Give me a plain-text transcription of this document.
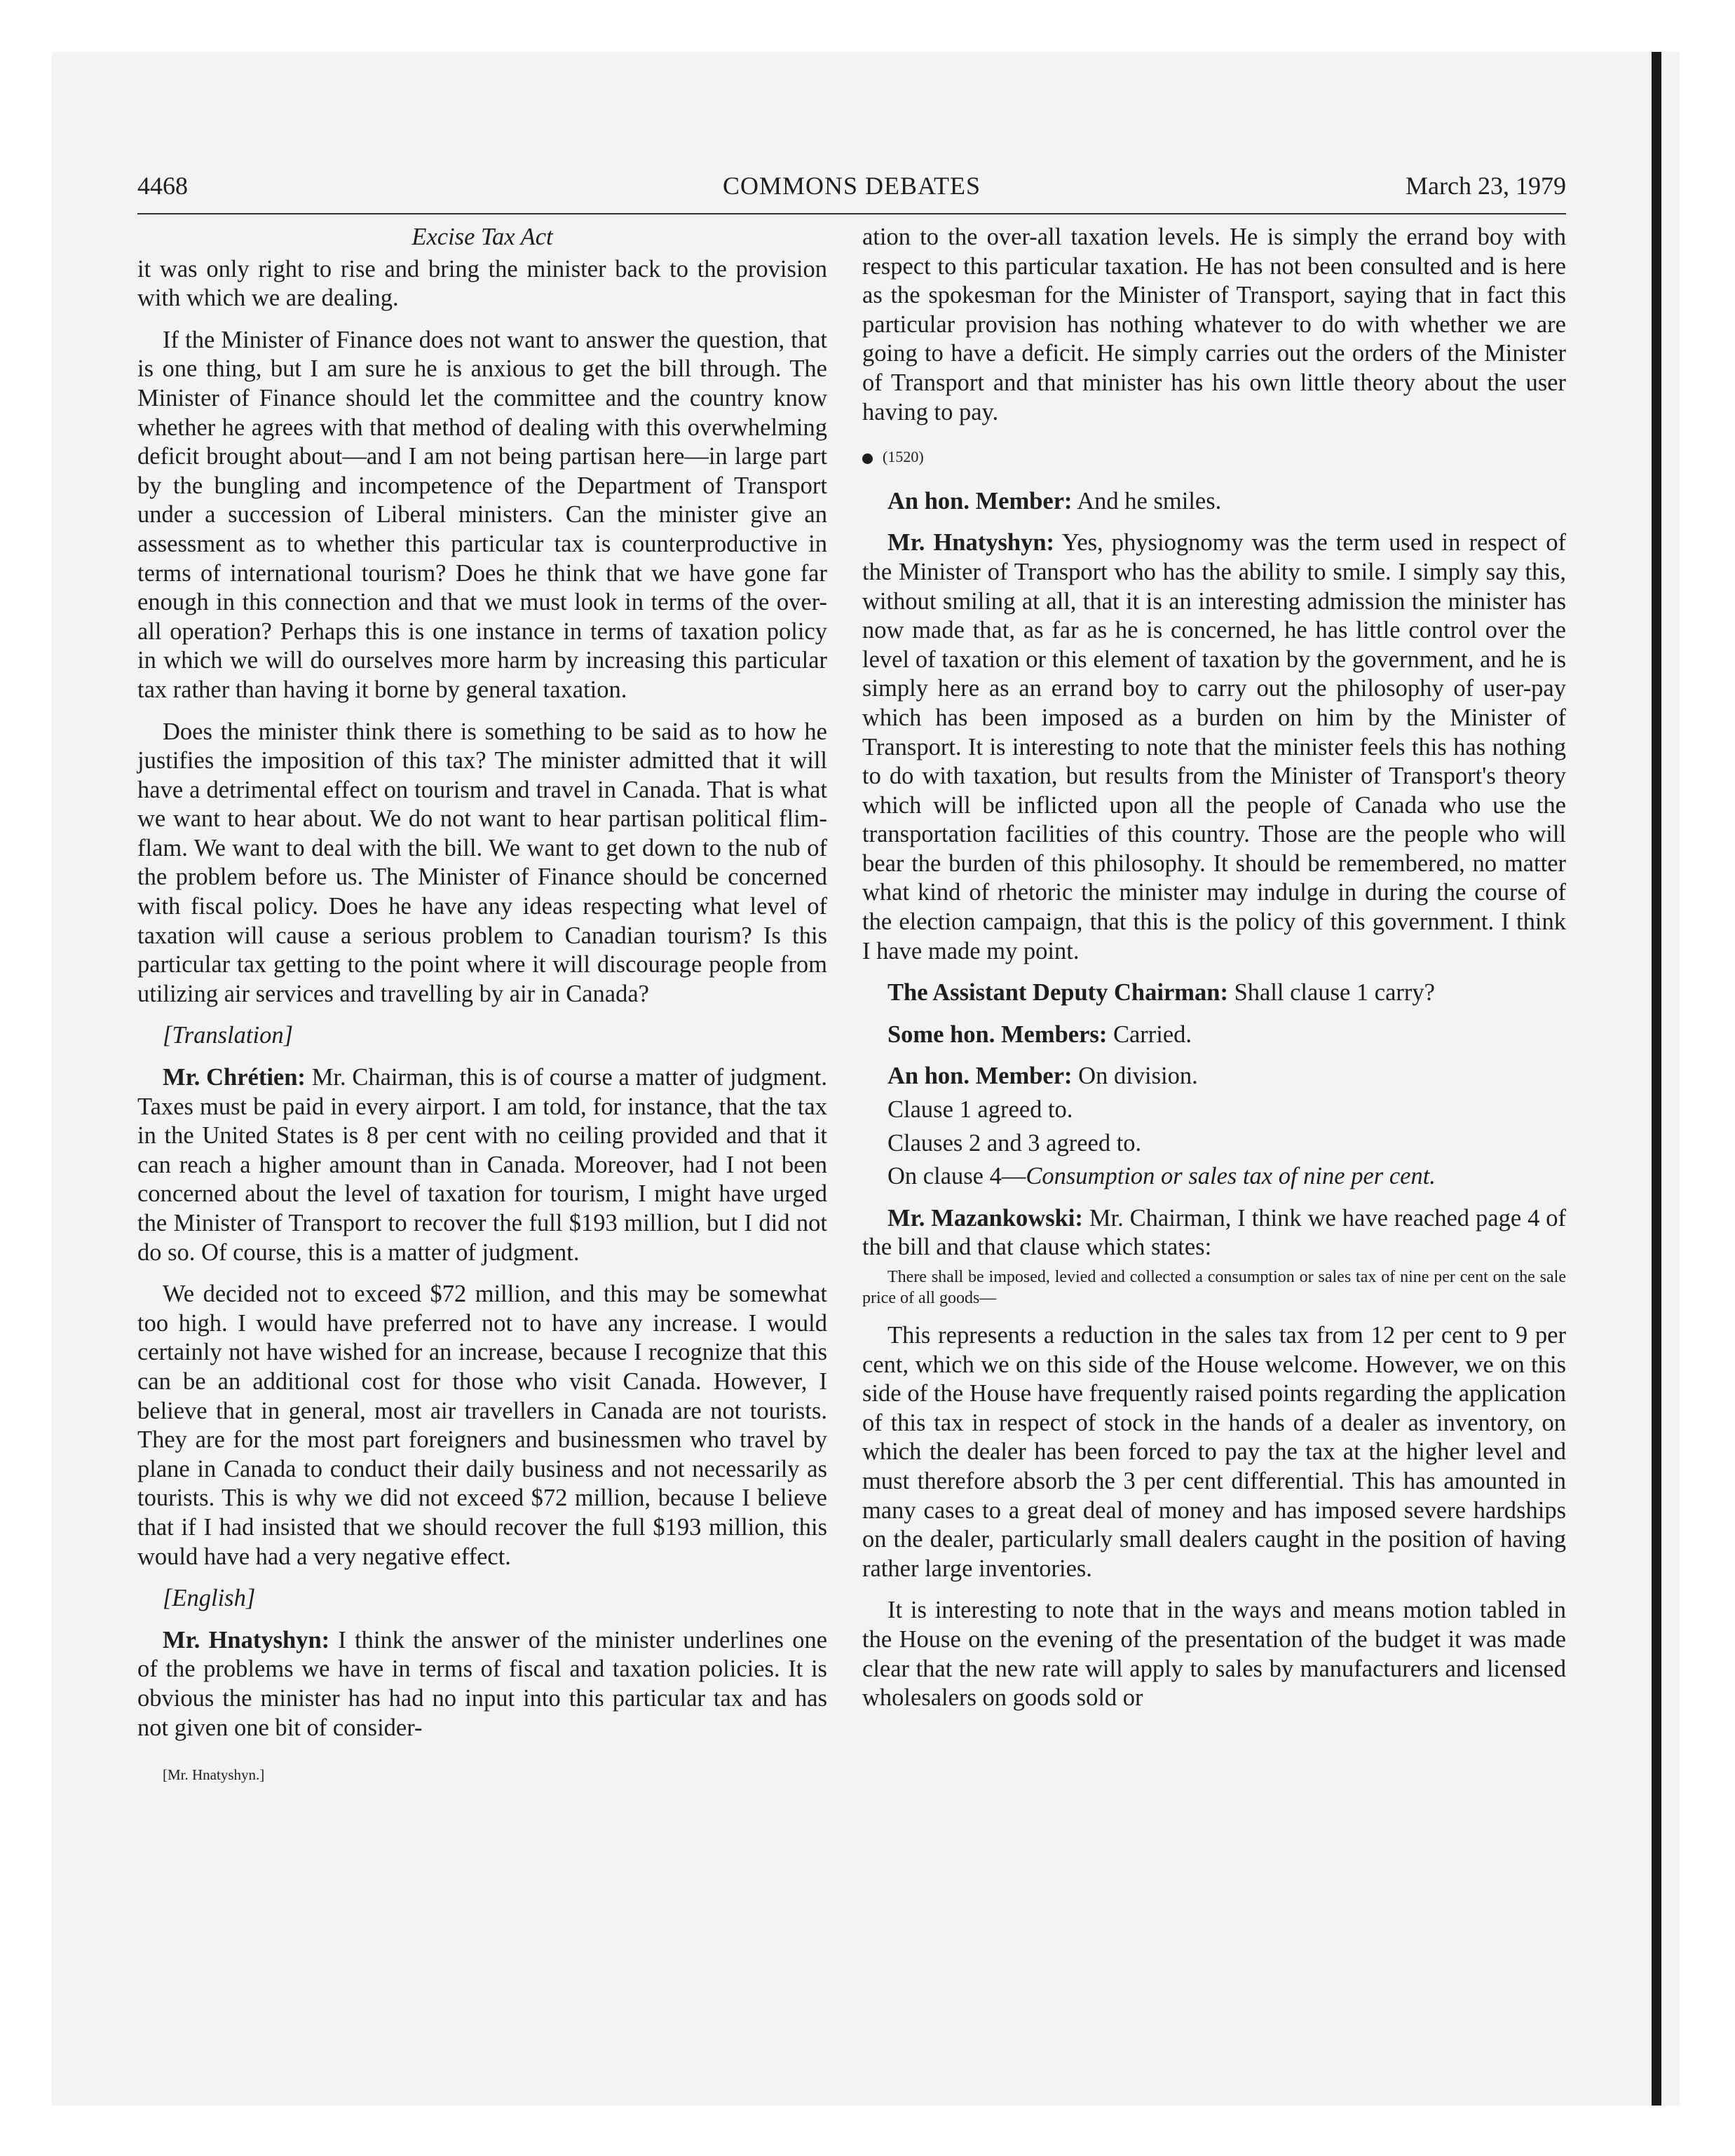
4468	COMMONS DEBATES	March 23, 1979
Excise Tax Act

it was only right to rise and bring the minister back to the provision with which we are dealing.

If the Minister of Finance does not want to answer the question, that is one thing, but I am sure he is anxious to get the bill through. The Minister of Finance should let the committee and the country know whether he agrees with that method of dealing with this overwhelming deficit brought about—and I am not being partisan here—in large part by the bungling and incompetence of the Department of Transport under a succession of Liberal ministers. Can the minister give an assessment as to whether this particular tax is counterproductive in terms of international tourism? Does he think that we have gone far enough in this connection and that we must look in terms of the over-all operation? Perhaps this is one instance in terms of taxation policy in which we will do ourselves more harm by increasing this particular tax rather than having it borne by general taxation.

Does the minister think there is something to be said as to how he justifies the imposition of this tax? The minister admitted that it will have a detrimental effect on tourism and travel in Canada. That is what we want to hear about. We do not want to hear partisan political flim-flam. We want to deal with the bill. We want to get down to the nub of the problem before us. The Minister of Finance should be concerned with fiscal policy. Does he have any ideas respecting what level of taxation will cause a serious problem to Canadian tourism? Is this particular tax getting to the point where it will discourage people from utilizing air services and travelling by air in Canada?

[Translation]

Mr. Chrétien: Mr. Chairman, this is of course a matter of judgment. Taxes must be paid in every airport. I am told, for instance, that the tax in the United States is 8 per cent with no ceiling provided and that it can reach a higher amount than in Canada. Moreover, had I not been concerned about the level of taxation for tourism, I might have urged the Minister of Transport to recover the full $193 million, but I did not do so. Of course, this is a matter of judgment.

We decided not to exceed $72 million, and this may be somewhat too high. I would have preferred not to have any increase. I would certainly not have wished for an increase, because I recognize that this can be an additional cost for those who visit Canada. However, I believe that in general, most air travellers in Canada are not tourists. They are for the most part foreigners and businessmen who travel by plane in Canada to conduct their daily business and not necessarily as tourists. This is why we did not exceed $72 million, because I believe that if I had insisted that we should recover the full $193 million, this would have had a very negative effect.

[English]

Mr. Hnatyshyn: I think the answer of the minister underlines one of the problems we have in terms of fiscal and taxation policies. It is obvious the minister has had no input into this particular tax and has not given one bit of consider-

[Mr. Hnatyshyn.]

ation to the over-all taxation levels. He is simply the errand boy with respect to this particular taxation. He has not been consulted and is here as the spokesman for the Minister of Transport, saying that in fact this particular provision has nothing whatever to do with whether we are going to have a deficit. He simply carries out the orders of the Minister of Transport and that minister has his own little theory about the user having to pay.

(1520)

An hon. Member: And he smiles.

Mr. Hnatyshyn: Yes, physiognomy was the term used in respect of the Minister of Transport who has the ability to smile. I simply say this, without smiling at all, that it is an interesting admission the minister has now made that, as far as he is concerned, he has little control over the level of taxation or this element of taxation by the government, and he is simply here as an errand boy to carry out the philosophy of user-pay which has been imposed as a burden on him by the Minister of Transport. It is interesting to note that the minister feels this has nothing to do with taxation, but results from the Minister of Transport's theory which will be inflicted upon all the people of Canada who use the transportation facilities of this country. Those are the people who will bear the burden of this philosophy. It should be remembered, no matter what kind of rhetoric the minister may indulge in during the course of the election campaign, that this is the policy of this government. I think I have made my point.

The Assistant Deputy Chairman: Shall clause 1 carry?

Some hon. Members: Carried.

An hon. Member: On division.

Clause 1 agreed to.

Clauses 2 and 3 agreed to.

On clause 4—Consumption or sales tax of nine per cent.

Mr. Mazankowski: Mr. Chairman, I think we have reached page 4 of the bill and that clause which states:

There shall be imposed, levied and collected a consumption or sales tax of nine per cent on the sale price of all goods—

This represents a reduction in the sales tax from 12 per cent to 9 per cent, which we on this side of the House welcome. However, we on this side of the House have frequently raised points regarding the application of this tax in respect of stock in the hands of a dealer as inventory, on which the dealer has been forced to pay the tax at the higher level and must therefore absorb the 3 per cent differential. This has amounted in many cases to a great deal of money and has imposed severe hardships on the dealer, particularly small dealers caught in the position of having rather large inventories.

It is interesting to note that in the ways and means motion tabled in the House on the evening of the presentation of the budget it was made clear that the new rate will apply to sales by manufacturers and licensed wholesalers on goods sold or
